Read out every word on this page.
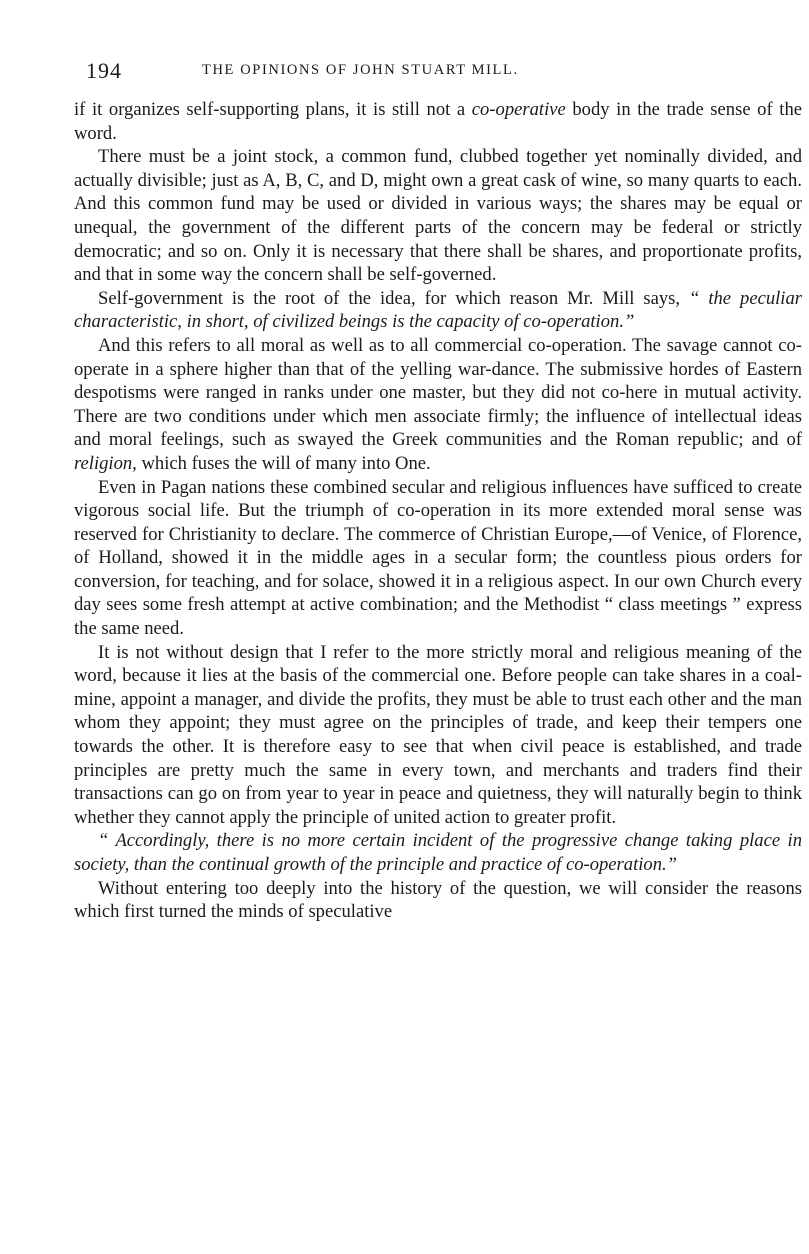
194	THE OPINIONS OF JOHN STUART MILL.

if it organizes self-supporting plans, it is still not a co-operative body in the trade sense of the word.

There must be a joint stock, a common fund, clubbed together yet nominally divided, and actually divisible; just as A, B, C, and D, might own a great cask of wine, so many quarts to each. And this common fund may be used or divided in various ways; the shares may be equal or unequal, the government of the different parts of the concern may be federal or strictly democratic; and so on. Only it is necessary that there shall be shares, and proportionate profits, and that in some way the concern shall be self-governed.

Self-government is the root of the idea, for which reason Mr. Mill says, “ the peculiar characteristic, in short, of civilized beings is the capacity of co-operation.”

And this refers to all moral as well as to all commercial co-operation. The savage cannot co-operate in a sphere higher than that of the yelling war-dance. The submissive hordes of Eastern despotisms were ranged in ranks under one master, but they did not co-here in mutual activity. There are two conditions under which men associate firmly; the influence of intellectual ideas and moral feelings, such as swayed the Greek communities and the Roman republic; and of religion, which fuses the will of many into One.

Even in Pagan nations these combined secular and religious influences have sufficed to create vigorous social life. But the triumph of co-operation in its more extended moral sense was reserved for Christianity to declare. The commerce of Christian Europe,—of Venice, of Florence, of Holland, showed it in the middle ages in a secular form; the countless pious orders for conversion, for teaching, and for solace, showed it in a religious aspect. In our own Church every day sees some fresh attempt at active combination; and the Methodist “ class meetings ” express the same need.

It is not without design that I refer to the more strictly moral and religious meaning of the word, because it lies at the basis of the commercial one. Before people can take shares in a coal-mine, appoint a manager, and divide the profits, they must be able to trust each other and the man whom they appoint; they must agree on the principles of trade, and keep their tempers one towards the other. It is therefore easy to see that when civil peace is established, and trade principles are pretty much the same in every town, and merchants and traders find their transactions can go on from year to year in peace and quietness, they will naturally begin to think whether they cannot apply the principle of united action to greater profit.

“ Accordingly, there is no more certain incident of the progressive change taking place in society, than the continual growth of the principle and practice of co-operation.”

Without entering too deeply into the history of the question, we will consider the reasons which first turned the minds of speculative
